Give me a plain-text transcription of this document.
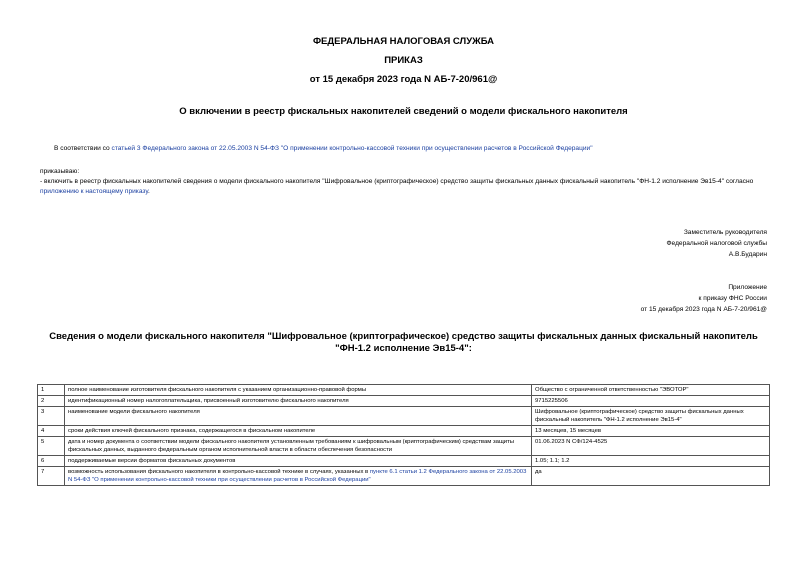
ФЕДЕРАЛЬНАЯ НАЛОГОВАЯ СЛУЖБА
ПРИКАЗ
от 15 декабря 2023 года N АБ-7-20/961@
О включении в реестр фискальных накопителей сведений о модели фискального накопителя
В соответствии со статьей 3 Федерального закона от 22.05.2003 N 54-ФЗ "О применении контрольно-кассовой техники при осуществлении расчетов в Российской Федерации"
приказываю:
- включить в реестр фискальных накопителей сведения о модели фискального накопителя "Шифровальное (криптографическое) средство защиты фискальных данных фискальный накопитель "ФН-1.2 исполнение Эв15-4" согласно приложению к настоящему приказу.
Заместитель руководителя
Федеральной налоговой службы
А.В.Бударин
Приложение
к приказу ФНС России
от 15 декабря 2023 года N АБ-7-20/961@
Сведения о модели фискального накопителя "Шифровальное (криптографическое) средство защиты фискальных данных фискальный накопитель "ФН-1.2 исполнение Эв15-4":
1	полное наименование изготовителя фискального накопителя с указанием организационно-правовой формы	Общество с ограниченной ответственностью "ЭВОТОР"
2	идентификационный номер налогоплательщика, присвоенный изготовителю фискального накопителя	9715225506
3	наименование модели фискального накопителя	Шифровальное (криптографическое) средство защиты фискальных данных фискальный накопитель "ФН-1.2 исполнение Эв15-4"
4	сроки действия ключей фискального признака, содержащегося в фискальном накопителе	13 месяцев, 15 месяцев
5	дата и номер документа о соответствии модели фискального накопителя установленным требованиям к шифровальным (криптографическим) средствам защиты фискальных данных, выданного федеральным органом исполнительной власти в области обеспечения безопасности	01.06.2023 N СФ/124-4525
6	поддерживаемые версии форматов фискальных документов	1.05; 1.1; 1.2
7	возможность использования фискального накопителя в контрольно-кассовой технике в случаях, указанных в пункте 6.1 статьи 1.2 Федерального закона от 22.05.2003 N 54-ФЗ "О применении контрольно-кассовой техники при осуществлении расчетов в Российской Федерации"	да
